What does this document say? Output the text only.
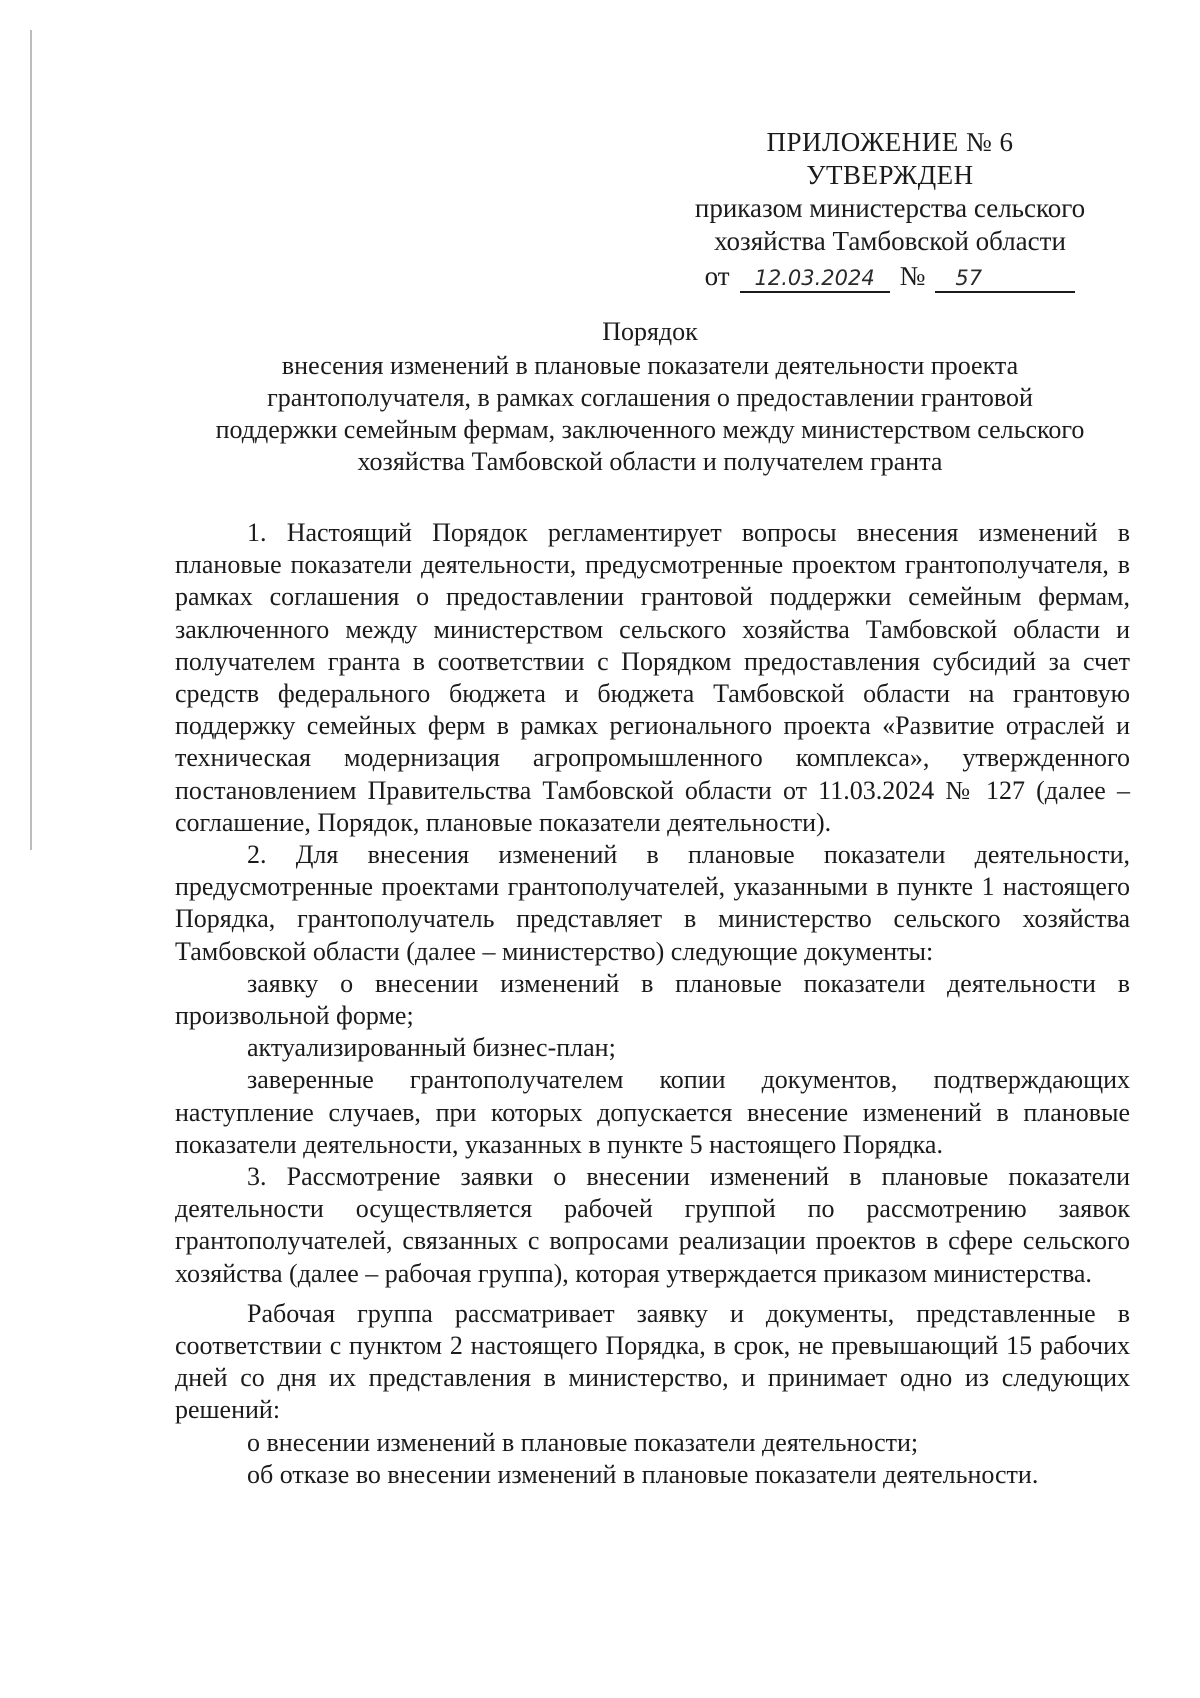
ПРИЛОЖЕНИЕ № 6
УТВЕРЖДЕН
приказом министерства сельского
хозяйства Тамбовской области
от	12.03.2024 №	57
Порядок
внесения изменений в плановые показатели деятельности проекта
грантополучателя, в рамках соглашения о предоставлении грантовой
поддержки семейным фермам, заключенного между министерством сельского
хозяйства Тамбовской области и получателем гранта

1. Настоящий Порядок регламентирует вопросы внесения изменений в плановые показатели деятельности, предусмотренные проектом грантополучателя, в рамках соглашения о предоставлении грантовой поддержки семейным фермам, заключенного между министерством сельского хозяйства Тамбовской области и получателем гранта в соответствии с Порядком предоставления субсидий за счет средств федерального бюджета и бюджета Тамбовской области на грантовую поддержку семейных ферм в рамках регионального проекта «Развитие отраслей и техническая модернизация агропромышленного комплекса», утвержденного постановлением Правительства Тамбовской области от 11.03.2024 № 127 (далее – соглашение, Порядок, плановые показатели деятельности).

2. Для внесения изменений в плановые показатели деятельности, предусмотренные проектами грантополучателей, указанными в пункте 1 настоящего Порядка, грантополучатель представляет в министерство сельского хозяйства Тамбовской области (далее – министерство) следующие документы:

заявку о внесении изменений в плановые показатели деятельности в произвольной форме;

актуализированный бизнес-план;

заверенные грантополучателем копии документов, подтверждающих наступление случаев, при которых допускается внесение изменений в плановые показатели деятельности, указанных в пункте 5 настоящего Порядка.

3. Рассмотрение заявки о внесении изменений в плановые показатели деятельности осуществляется рабочей группой по рассмотрению заявок грантополучателей, связанных с вопросами реализации проектов в сфере сельского хозяйства (далее – рабочая группа), которая утверждается приказом министерства.

Рабочая группа рассматривает заявку и документы, представленные в соответствии с пунктом 2 настоящего Порядка, в срок, не превышающий 15 рабочих дней со дня их представления в министерство, и принимает одно из следующих решений:

о внесении изменений в плановые показатели деятельности;

об отказе во внесении изменений в плановые показатели деятельности.
